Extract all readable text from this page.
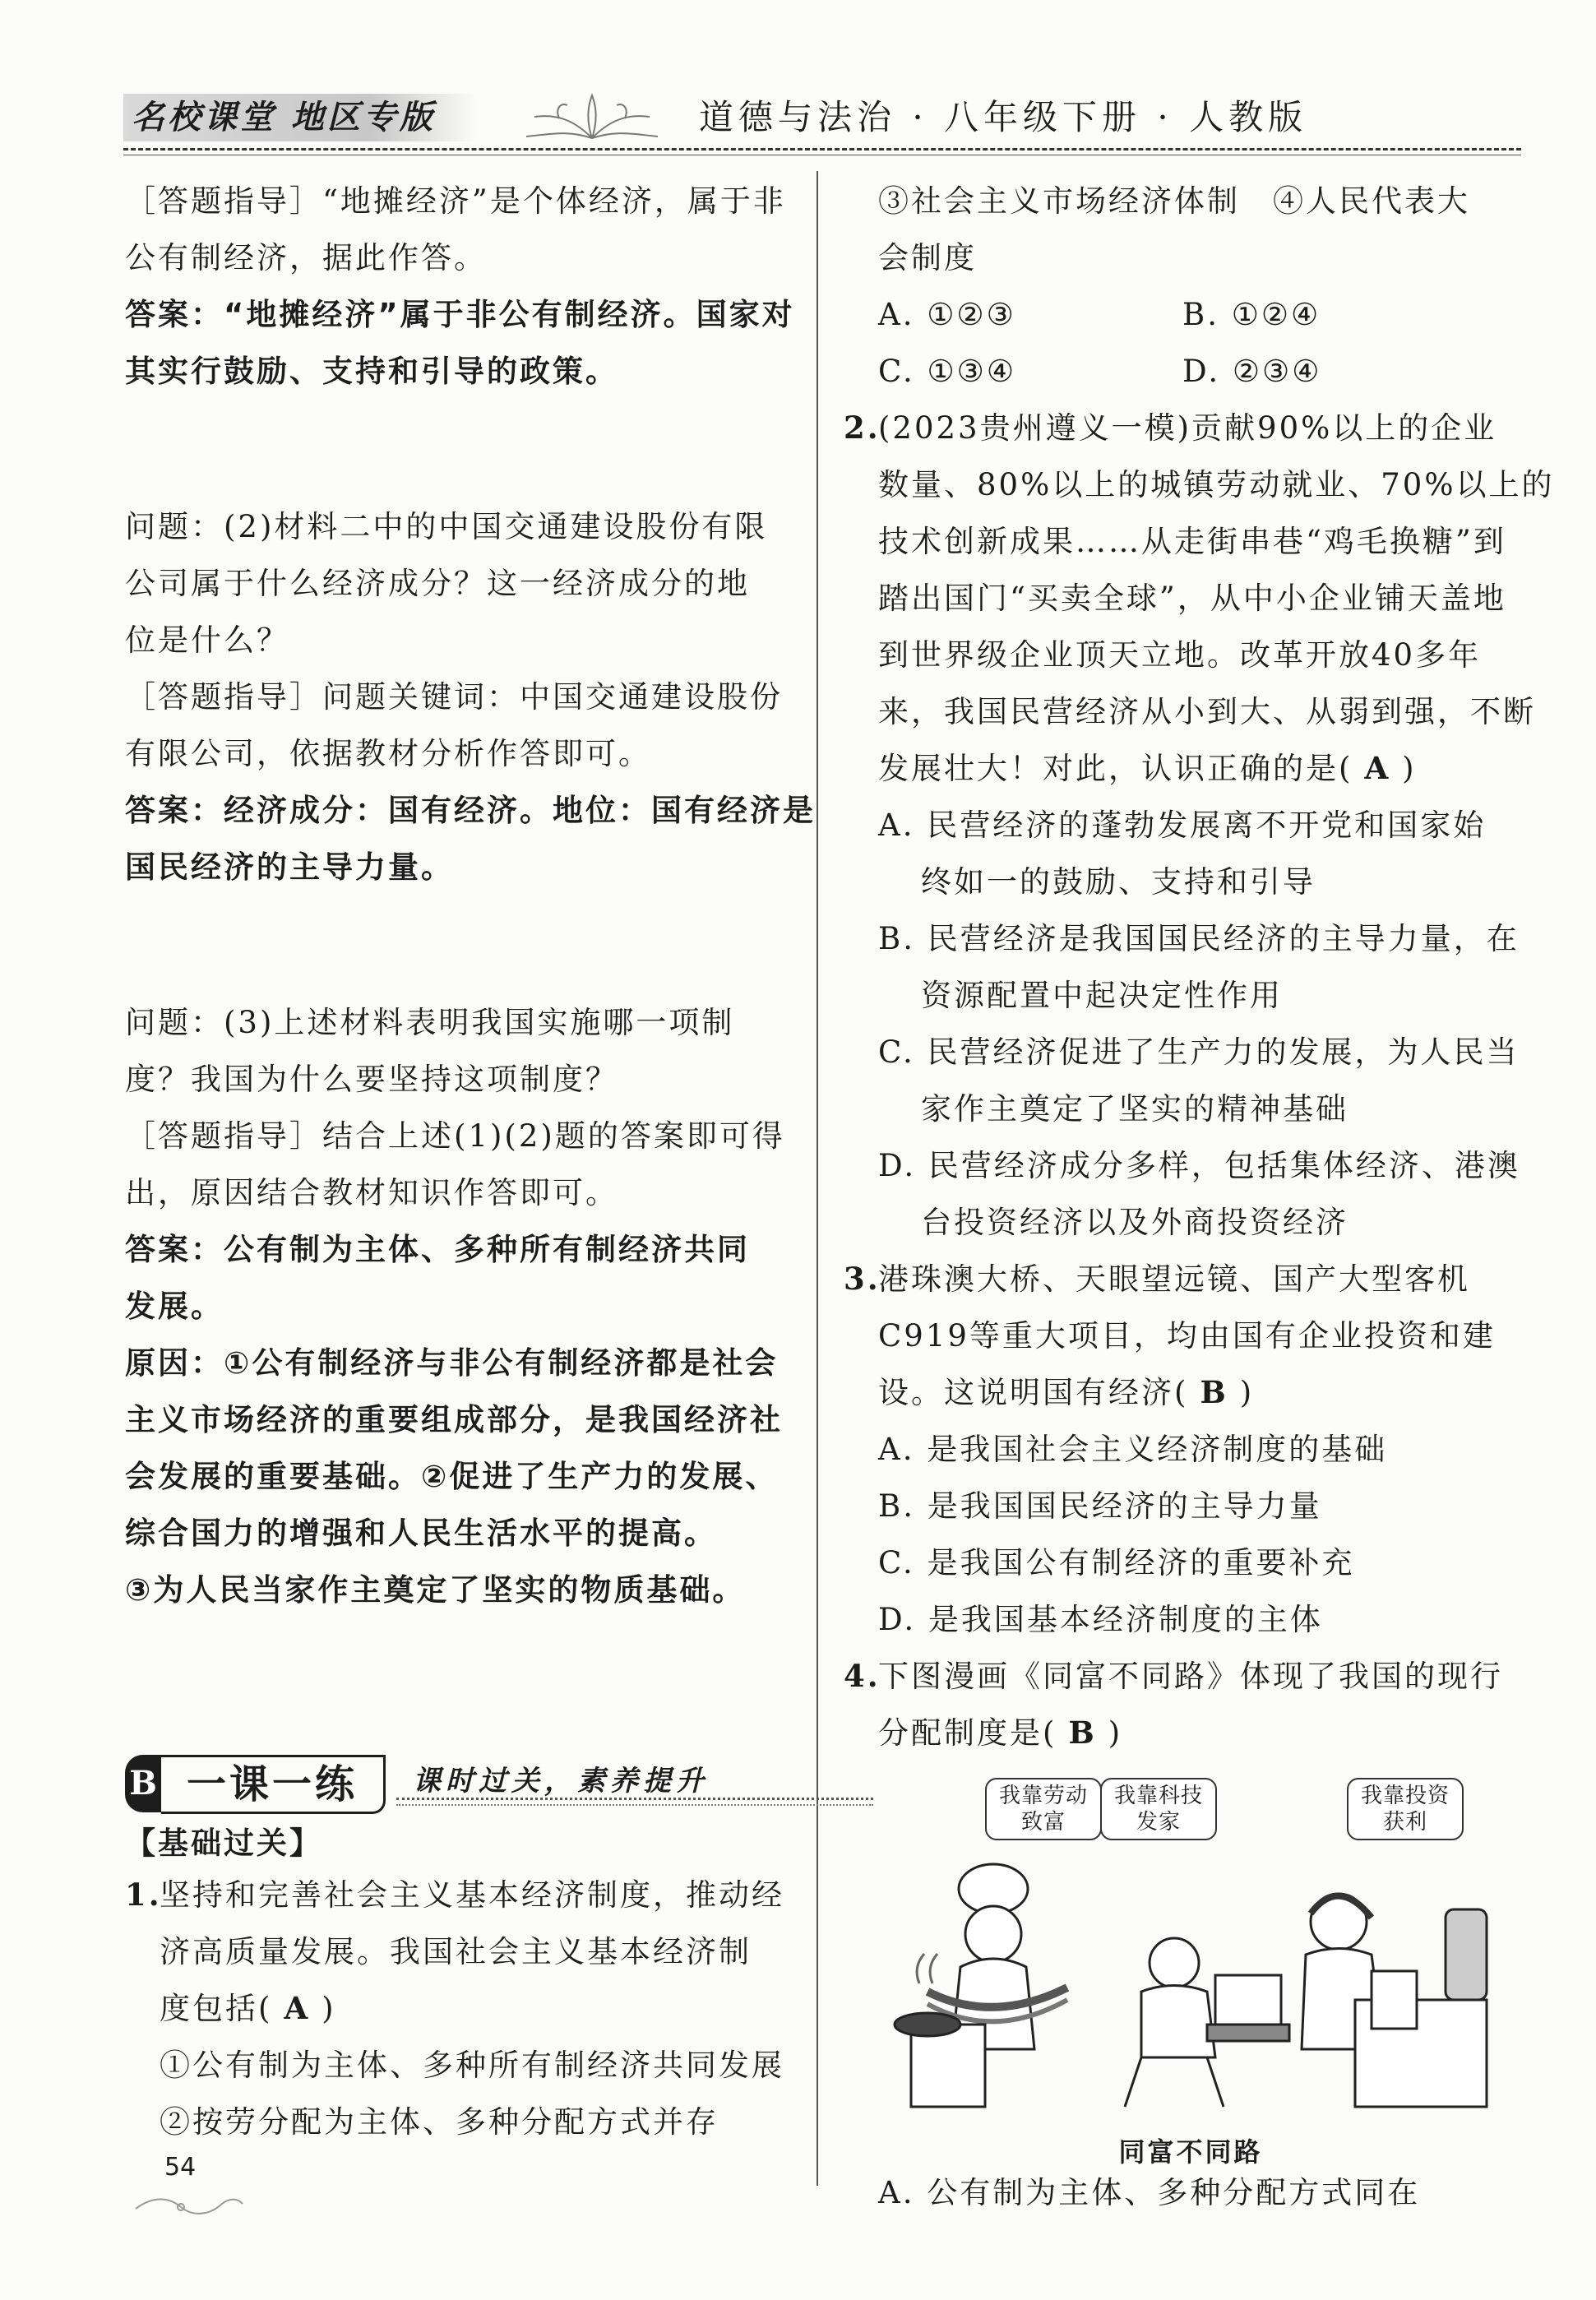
名校课堂 地区专版	道德与法治 · 八年级下册 · 人教版
［答题指导］“地摊经济”是个体经济，属于非
公有制经济，据此作答。
答案：“地摊经济”属于非公有制经济。国家对
其实行鼓励、支持和引导的政策。
问题：(2)材料二中的中国交通建设股份有限
公司属于什么经济成分？这一经济成分的地
位是什么？
［答题指导］问题关键词：中国交通建设股份
有限公司，依据教材分析作答即可。
答案：经济成分：国有经济。地位：国有经济是
国民经济的主导力量。
问题：(3)上述材料表明我国实施哪一项制
度？我国为什么要坚持这项制度？
［答题指导］结合上述(1)(2)题的答案即可得
出，原因结合教材知识作答即可。
答案：公有制为主体、多种所有制经济共同
发展。
原因：①公有制经济与非公有制经济都是社会
主义市场经济的重要组成部分，是我国经济社
会发展的重要基础。②促进了生产力的发展、
综合国力的增强和人民生活水平的提高。
③为人民当家作主奠定了坚实的物质基础。
B 一课一练	课时过关，素养提升
【基础过关】
1.坚持和完善社会主义基本经济制度，推动经
济高质量发展。我国社会主义基本经济制
度包括( A )
①公有制为主体、多种所有制经济共同发展
②按劳分配为主体、多种分配方式并存
③社会主义市场经济体制　④人民代表大
会制度
A. ①②③	B. ①②④
C. ①③④	D. ②③④
2.(2023贵州遵义一模)贡献90%以上的企业
数量、80%以上的城镇劳动就业、70%以上的
技术创新成果……从走街串巷“鸡毛换糖”到
踏出国门“买卖全球”，从中小企业铺天盖地
到世界级企业顶天立地。改革开放40多年
来，我国民营经济从小到大、从弱到强，不断
发展壮大！对此，认识正确的是( A )
A. 民营经济的蓬勃发展离不开党和国家始
终如一的鼓励、支持和引导
B. 民营经济是我国国民经济的主导力量，在
资源配置中起决定性作用
C. 民营经济促进了生产力的发展，为人民当
家作主奠定了坚实的精神基础
D. 民营经济成分多样，包括集体经济、港澳
台投资经济以及外商投资经济
3.港珠澳大桥、天眼望远镜、国产大型客机
C919等重大项目，均由国有企业投资和建
设。这说明国有经济( B )
A. 是我国社会主义经济制度的基础
B. 是我国国民经济的主导力量
C. 是我国公有制经济的重要补充
D. 是我国基本经济制度的主体
4.下图漫画《同富不同路》体现了我国的现行
分配制度是( B )
我靠劳动致富
我靠科技发家
我靠投资获利
同富不同路
A. 公有制为主体、多种分配方式同在
54
